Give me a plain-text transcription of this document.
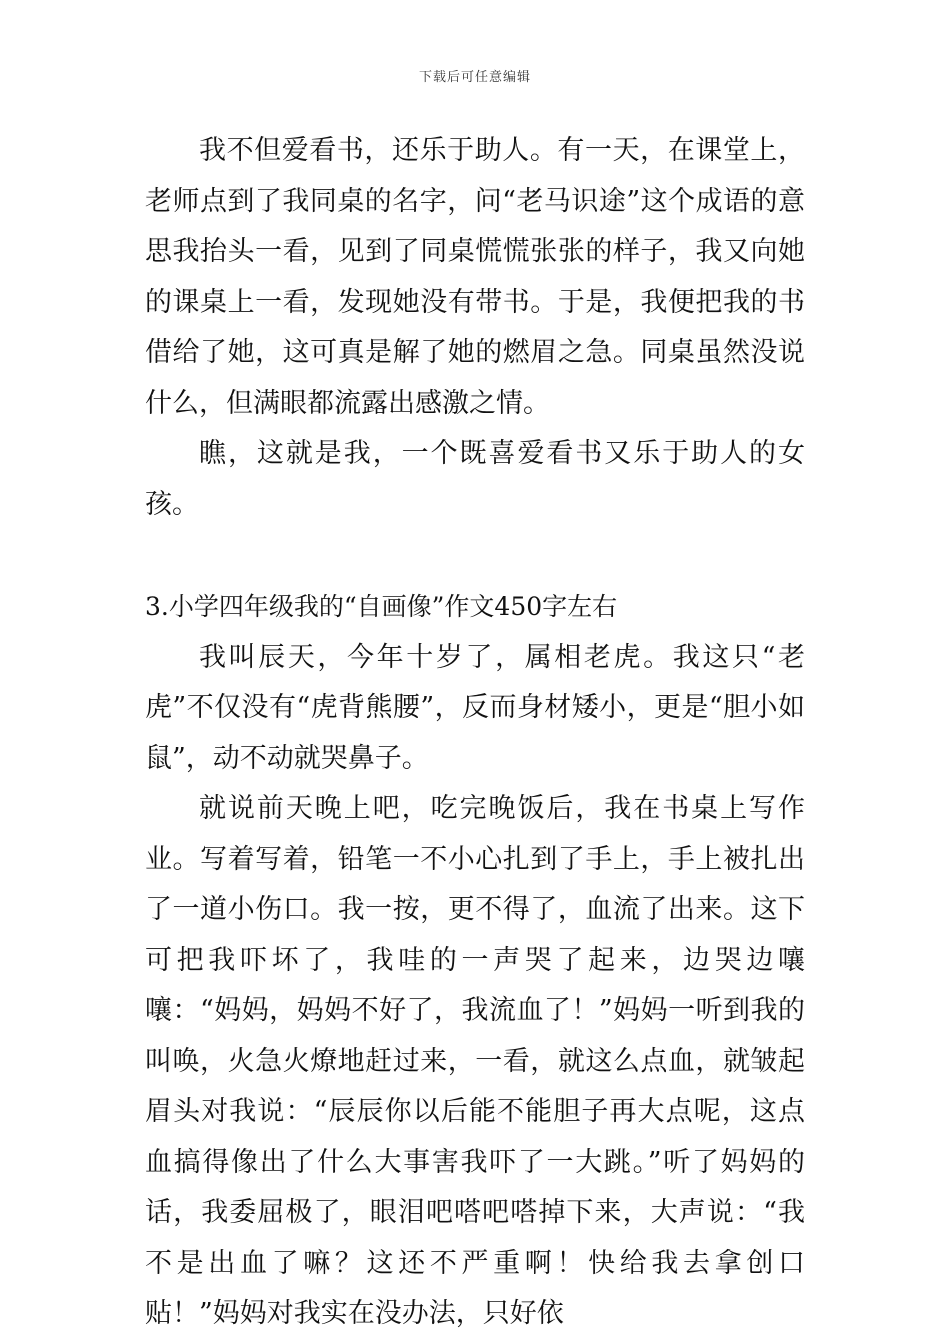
下载后可任意编辑

我不但爱看书，还乐于助人。有一天，在课堂上，老师点到了我同桌的名字，问“老马识途”这个成语的意思我抬头一看，见到了同桌慌慌张张的样子，我又向她的课桌上一看，发现她没有带书。于是，我便把我的书借给了她，这可真是解了她的燃眉之急。同桌虽然没说什么，但满眼都流露出感激之情。

瞧，这就是我，一个既喜爱看书又乐于助人的女孩。

3.小学四年级我的“自画像”作文450字左右

我叫辰天，今年十岁了，属相老虎。我这只“老虎”不仅没有“虎背熊腰”，反而身材矮小，更是“胆小如鼠”，动不动就哭鼻子。

就说前天晚上吧，吃完晚饭后，我在书桌上写作业。写着写着，铅笔一不小心扎到了手上，手上被扎出了一道小伤口。我一按，更不得了，血流了出来。这下可把我吓坏了，我哇的一声哭了起来，边哭边嚷嚷：“妈妈，妈妈不好了，我流血了！”妈妈一听到我的叫唤，火急火燎地赶过来，一看，就这么点血，就皱起眉头对我说：“辰辰你以后能不能胆子再大点呢，这点血搞得像出了什么大事害我吓了一大跳。”听了妈妈的话，我委屈极了，眼泪吧嗒吧嗒掉下来，大声说：“我不是出血了嘛？这还不严重啊！快给我去拿创口贴！”妈妈对我实在没办法，只好依
